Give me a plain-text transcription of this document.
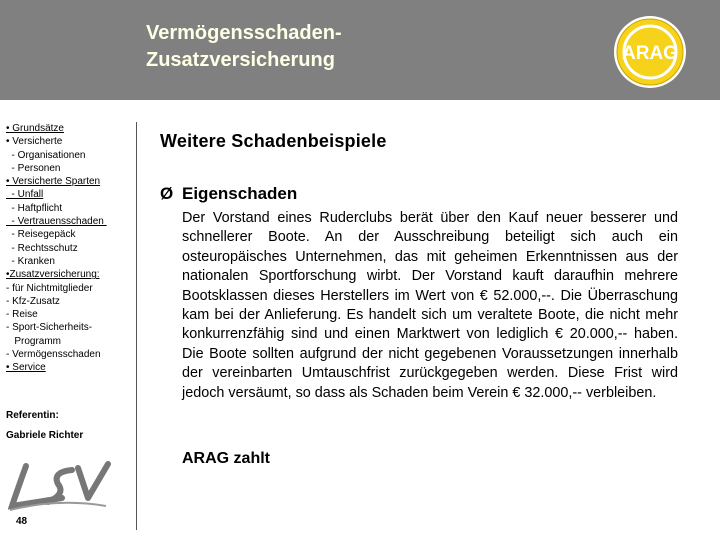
Vermögensschaden-
Zusatzversicherung	ARAG
• Grundsätze
• Versicherte
- Organisationen
- Personen
• Versicherte Sparten
- Unfall
- Haftpflicht
- Vertrauensschaden
- Reisegepäck
- Rechtsschutz
- Kranken
•Zusatzversicherung:
- für Nichtmitglieder
- Kfz-Zusatz
- Reise
- Sport-Sicherheits-
Programm
- Vermögensschaden
• Service
Referentin:
Gabriele Richter
48
Weitere Schadenbeispiele
Ø Eigenschaden
Der Vorstand eines Ruderclubs berät über den Kauf neuer besserer und schnellerer Boote. An der Ausschreibung beteiligt sich auch ein osteuropäisches Unternehmen, das mit geheimen Erkenntnissen aus der nationalen Sportforschung wirbt. Der Vorstand kauft daraufhin mehrere Bootsklassen dieses Herstellers im Wert von € 52.000,--. Die Überraschung kam bei der Anlieferung. Es handelt sich um veraltete Boote, die nicht mehr konkurrenzfähig sind und einen Marktwert von lediglich € 20.000,-- haben. Die Boote sollten aufgrund der nicht gegebenen Voraussetzungen innerhalb der vereinbarten Umtauschfrist zurückgegeben werden. Diese Frist wird jedoch versäumt, so dass als Schaden beim Verein € 32.000,-- verbleiben.
ARAG zahlt
